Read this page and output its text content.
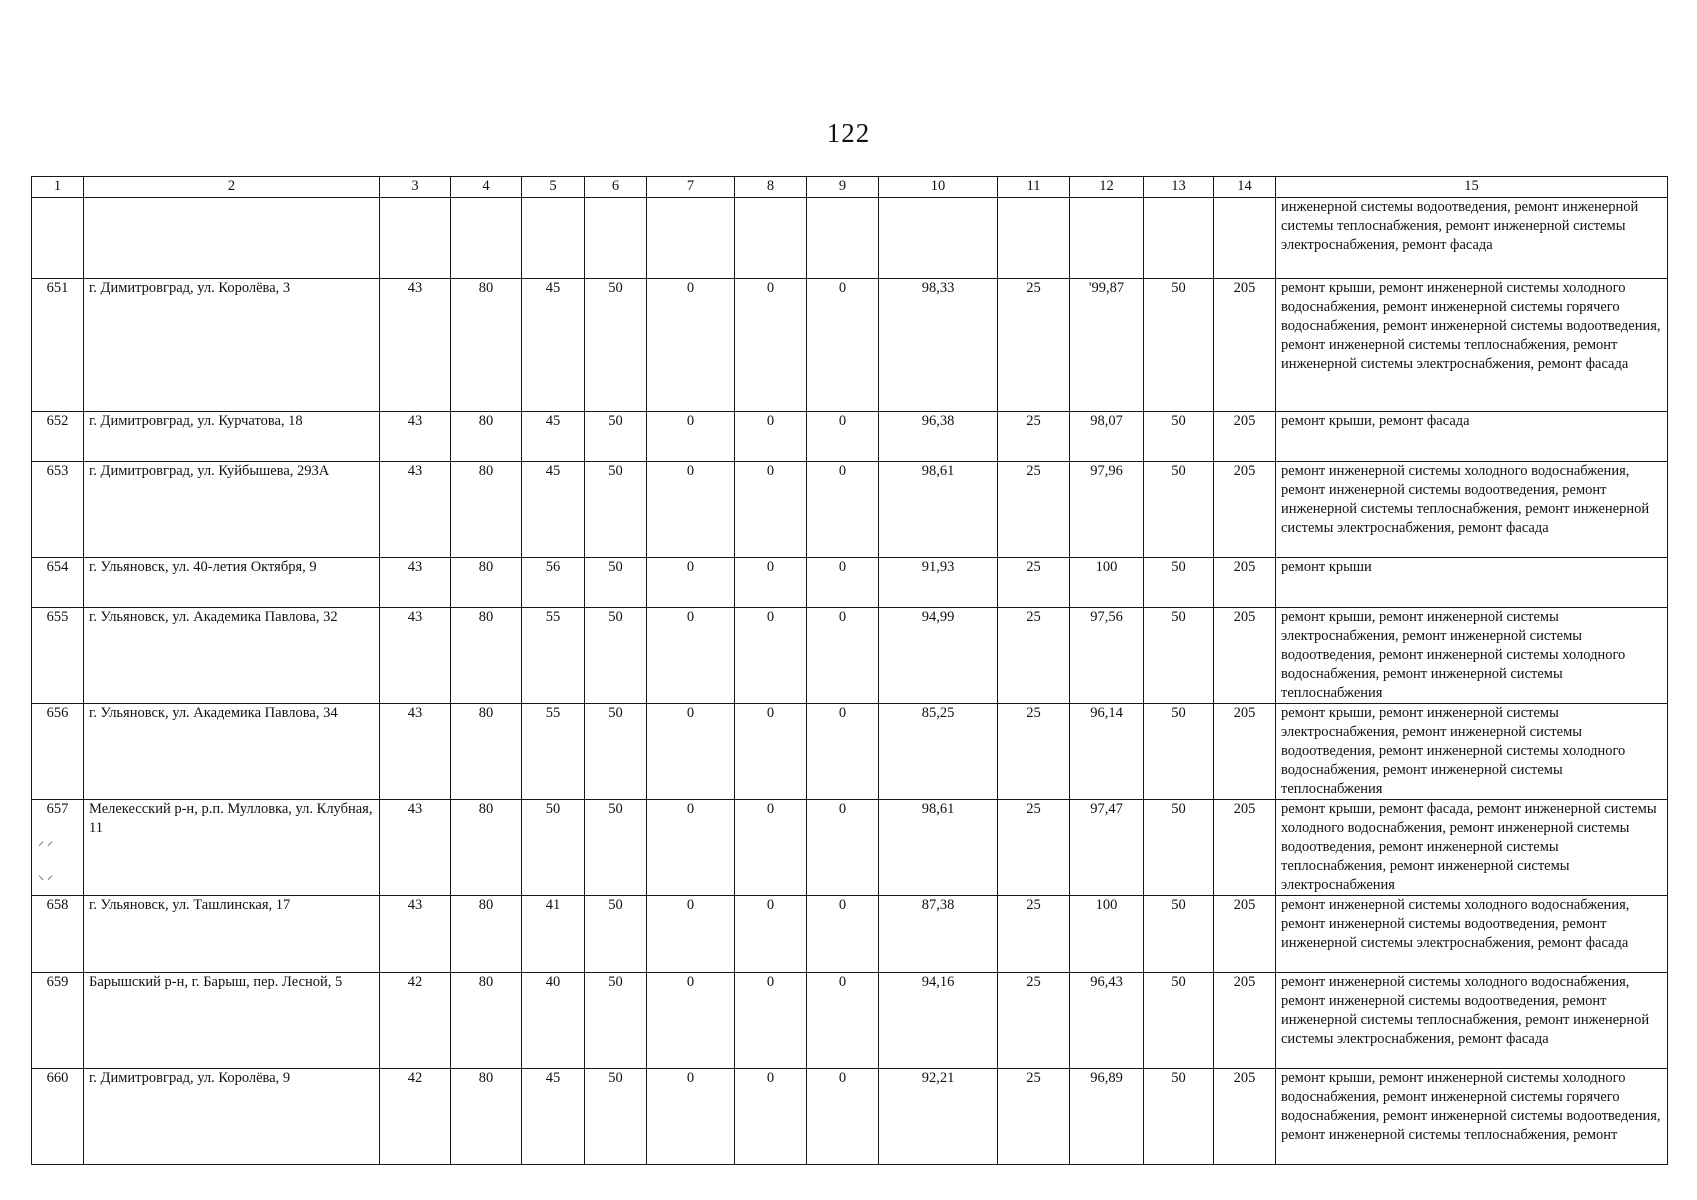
122
1	2	3	4	5	6	7	8	9	10	11	12	13	14	15
														инженерной системы водоотведения, ремонт инженерной системы теплоснабжения, ремонт инженерной системы электроснабжения, ремонт фасада
651	г. Димитровград, ул. Королёва, 3	43	80	45	50	0	0	0	98,33	25	'99,87	50	205	ремонт крыши, ремонт инженерной системы холодного водоснабжения, ремонт инженерной системы горячего водоснабжения, ремонт инженерной системы водоотведения, ремонт инженерной системы теплоснабжения, ремонт инженерной системы электроснабжения, ремонт фасада
652	г. Димитровград, ул. Курчатова, 18	43	80	45	50	0	0	0	96,38	25	98,07	50	205	ремонт крыши, ремонт фасада
653	г. Димитровград, ул. Куйбышева, 293А	43	80	45	50	0	0	0	98,61	25	97,96	50	205	ремонт инженерной системы холодного водоснабжения, ремонт инженерной системы водоотведения, ремонт инженерной системы теплоснабжения, ремонт инженерной системы электроснабжения, ремонт фасада
654	г. Ульяновск, ул. 40-летия Октября, 9	43	80	56	50	0	0	0	91,93	25	100	50	205	ремонт крыши
655	г. Ульяновск, ул. Академика Павлова, 32	43	80	55	50	0	0	0	94,99	25	97,56	50	205	ремонт крыши, ремонт инженерной системы электроснабжения, ремонт инженерной системы водоотведения, ремонт инженерной системы холодного водоснабжения, ремонт инженерной системы теплоснабжения
656	г. Ульяновск, ул. Академика Павлова, 34	43	80	55	50	0	0	0	85,25	25	96,14	50	205	ремонт крыши, ремонт инженерной системы электроснабжения, ремонт инженерной системы водоотведения, ремонт инженерной системы холодного водоснабжения, ремонт инженерной системы теплоснабжения
657	Мелекесский р-н, р.п. Мулловка, ул. Клубная, 11	43	80	50	50	0	0	0	98,61	25	97,47	50	205	ремонт крыши, ремонт фасада, ремонт инженерной системы холодного водоснабжения, ремонт инженерной системы водоотведения, ремонт инженерной системы теплоснабжения, ремонт инженерной системы электроснабжения
658	г. Ульяновск, ул. Ташлинская, 17	43	80	41	50	0	0	0	87,38	25	100	50	205	ремонт инженерной системы холодного водоснабжения, ремонт инженерной системы водоотведения, ремонт инженерной системы электроснабжения, ремонт фасада
659	Барышский р-н, г. Барыш, пер. Лесной, 5	42	80	40	50	0	0	0	94,16	25	96,43	50	205	ремонт инженерной системы холодного водоснабжения, ремонт инженерной системы водоотведения, ремонт инженерной системы теплоснабжения, ремонт инженерной системы электроснабжения, ремонт фасада
660	г. Димитровград, ул. Королёва, 9	42	80	45	50	0	0	0	92,21	25	96,89	50	205	ремонт крыши, ремонт инженерной системы холодного водоснабжения, ремонт инженерной системы горячего водоснабжения, ремонт инженерной системы водоотведения, ремонт инженерной системы теплоснабжения, ремонт
⸝ ⸝
⸜ ⸝
